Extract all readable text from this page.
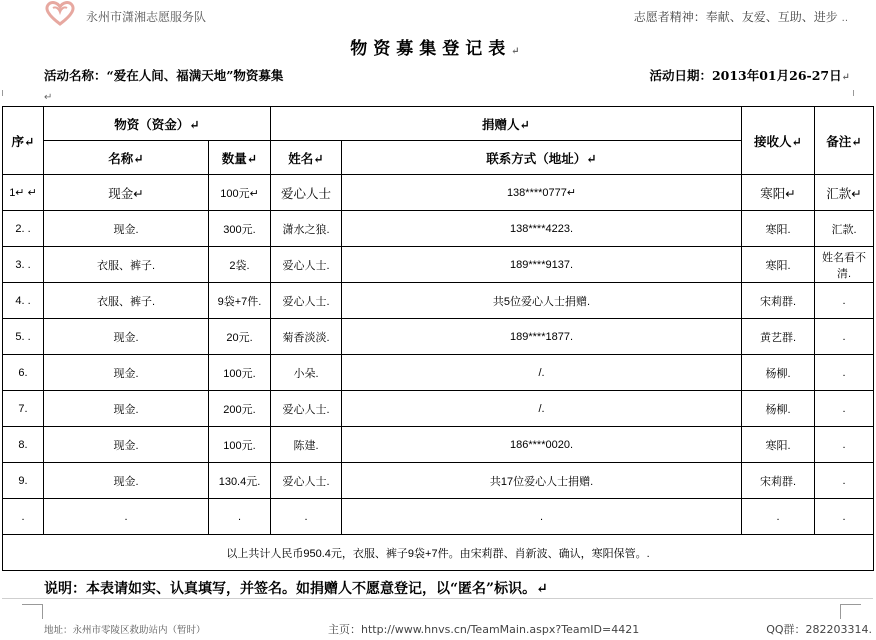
永州市潇湘志愿服务队	志愿者精神：奉献、友爱、互助、进步 ..
物资募集登记表↵
活动名称：“爱在人间、福满天地”物资募集	活动日期：2013年01月26-27日↵
↵
序↵	物资（资金）↵		捐赠人↵		接收人↵	备注↵
	名称↵	数量↵	姓名↵	联系方式（地址）↵		
1↵ ↵	现金↵	100元↵	爱心人士	138****0777↵	寒阳↵	汇款↵
2. .	现金.	300元.	潇水之狼.	138****4223.	寒阳.	汇款.
3. .	衣服、裤子.	2袋.	爱心人士.	189****9137.	寒阳.	姓名看不清.
4. .	衣服、裤子.	9袋+7件.	爱心人士.	共5位爱心人士捐赠.	宋莉群.	.
5. .	现金.	20元.	菊香淡淡.	189****1877.	黄艺群.	.
6.	现金.	100元.	小朵.	/.	杨柳.	.
7.	现金.	200元.	爱心人士.	/.	杨柳.	.
8.	现金.	100元.	陈建.	186****0020.	寒阳.	.
9.	现金.	130.4元.	爱心人士.	共17位爱心人士捐赠.	宋莉群.	.
.	.	.	.	.	.	.
以上共计人民币950.4元，衣服、裤子9袋+7件。由宋莉群、肖新波、确认，寒阳保管。.						
说明：本表请如实、认真填写，并签名。如捐赠人不愿意登记，以“匿名”标识。↵
地址：永州市零陵区救助站内（暂时）	主页：http://www.hnvs.cn/TeamMain.aspx?TeamID=4421	QQ群：282203314.
